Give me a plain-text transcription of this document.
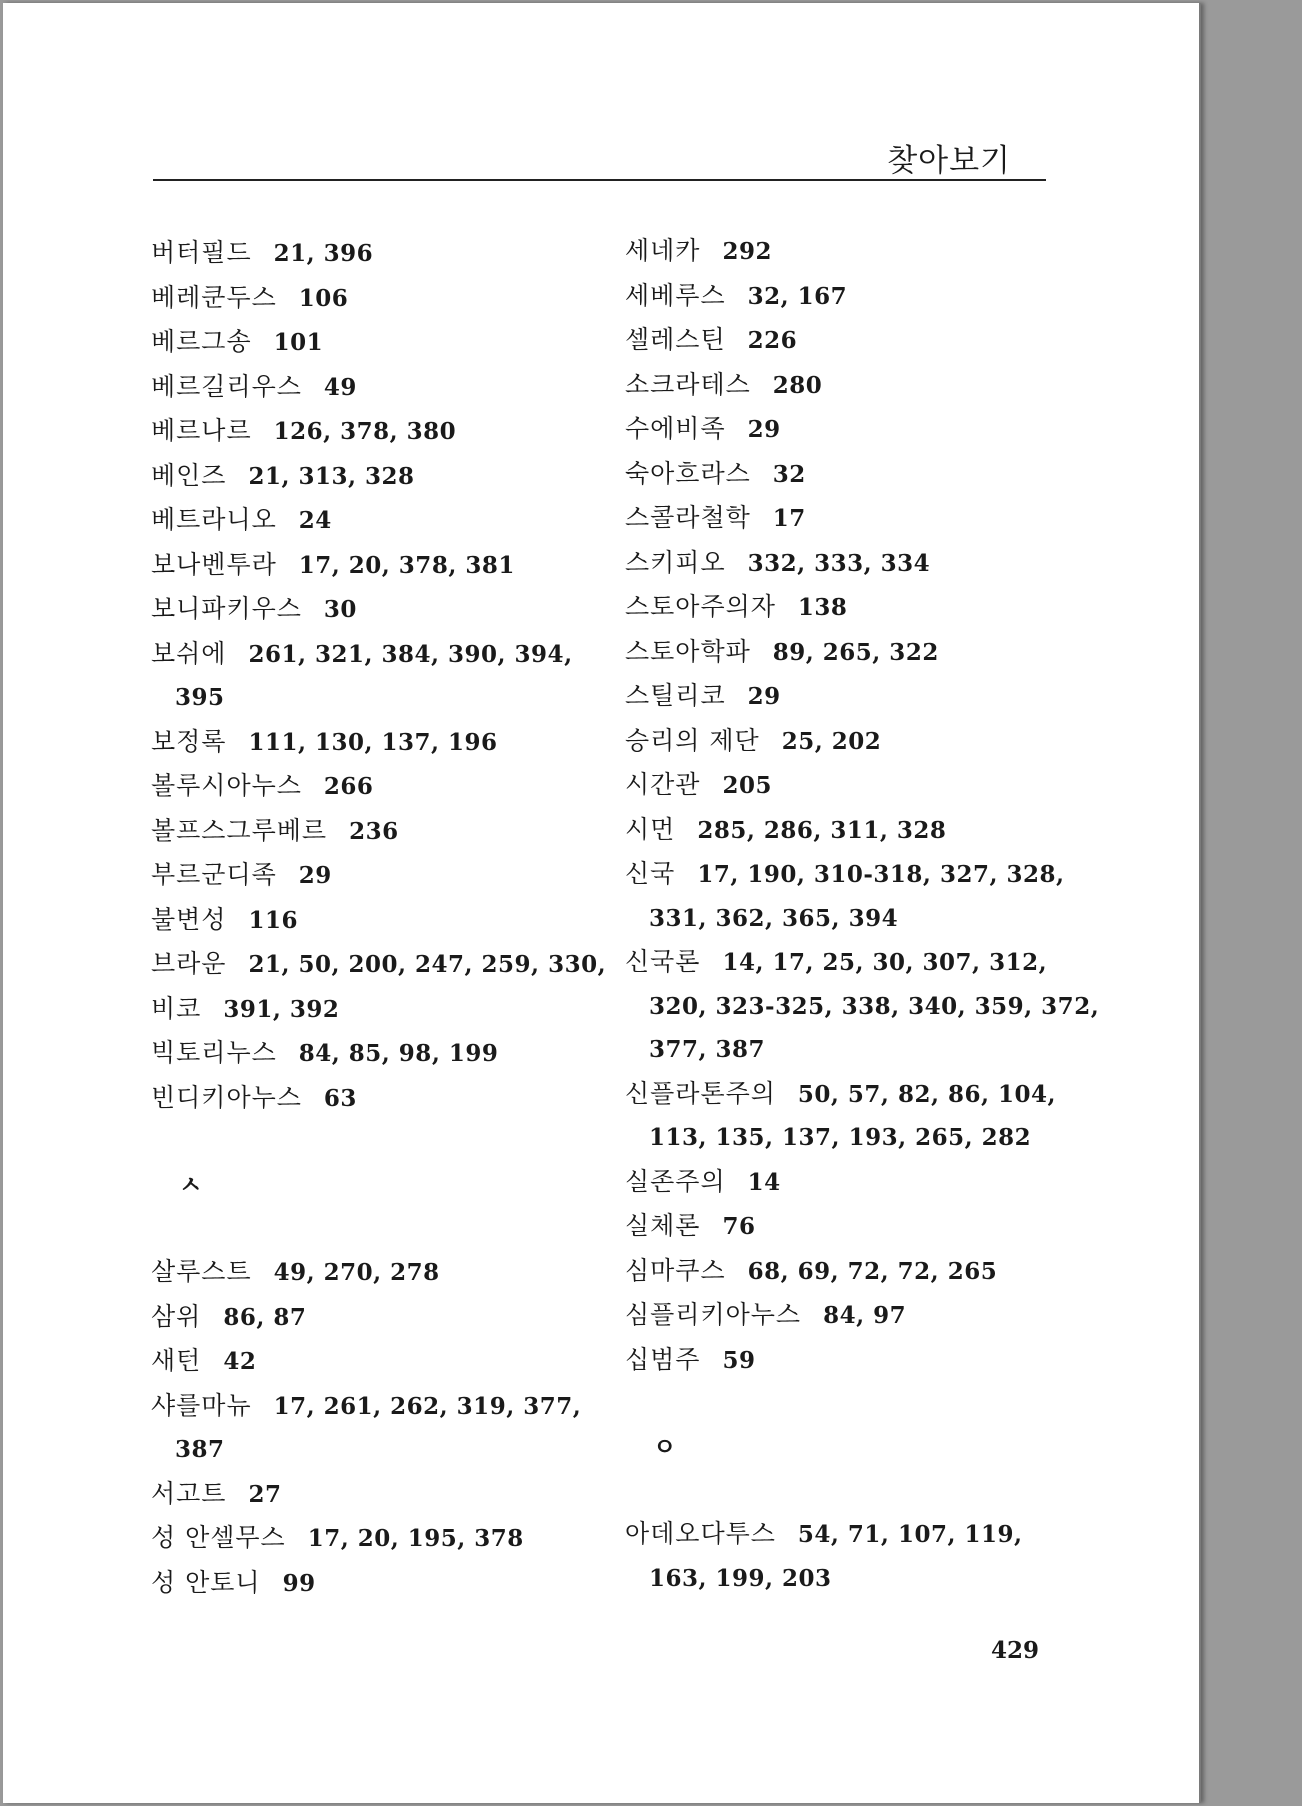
찾아보기
버터필드 21, 396
베레쿤두스 106
베르그송 101
베르길리우스 49
베르나르 126, 378, 380
베인즈 21, 313, 328
베트라니오 24
보나벤투라 17, 20, 378, 381
보니파키우스 30
보쉬에 261, 321, 384, 390, 394,
395
보정록 111, 130, 137, 196
볼루시아누스 266
볼프스그루베르 236
부르군디족 29
불변성 116
브라운 21, 50, 200, 247, 259, 330,
비코 391, 392
빅토리누스 84, 85, 98, 199
빈디키아누스 63
ㅅ
살루스트 49, 270, 278
삼위 86, 87
새턴 42
샤를마뉴 17, 261, 262, 319, 377,
387
서고트 27
성 안셀무스 17, 20, 195, 378
성 안토니 99
세네카 292
세베루스 32, 167
셀레스틴 226
소크라테스 280
수에비족 29
숙아흐라스 32
스콜라철학 17
스키피오 332, 333, 334
스토아주의자 138
스토아학파 89, 265, 322
스틸리코 29
승리의 제단 25, 202
시간관 205
시먼 285, 286, 311, 328
신국 17, 190, 310-318, 327, 328,
331, 362, 365, 394
신국론 14, 17, 25, 30, 307, 312,
320, 323-325, 338, 340, 359, 372,
377, 387
신플라톤주의 50, 57, 82, 86, 104,
113, 135, 137, 193, 265, 282
실존주의 14
실체론 76
심마쿠스 68, 69, 72, 72, 265
심플리키아누스 84, 97
십범주 59
ㅇ
아데오다투스 54, 71, 107, 119,
163, 199, 203
429
